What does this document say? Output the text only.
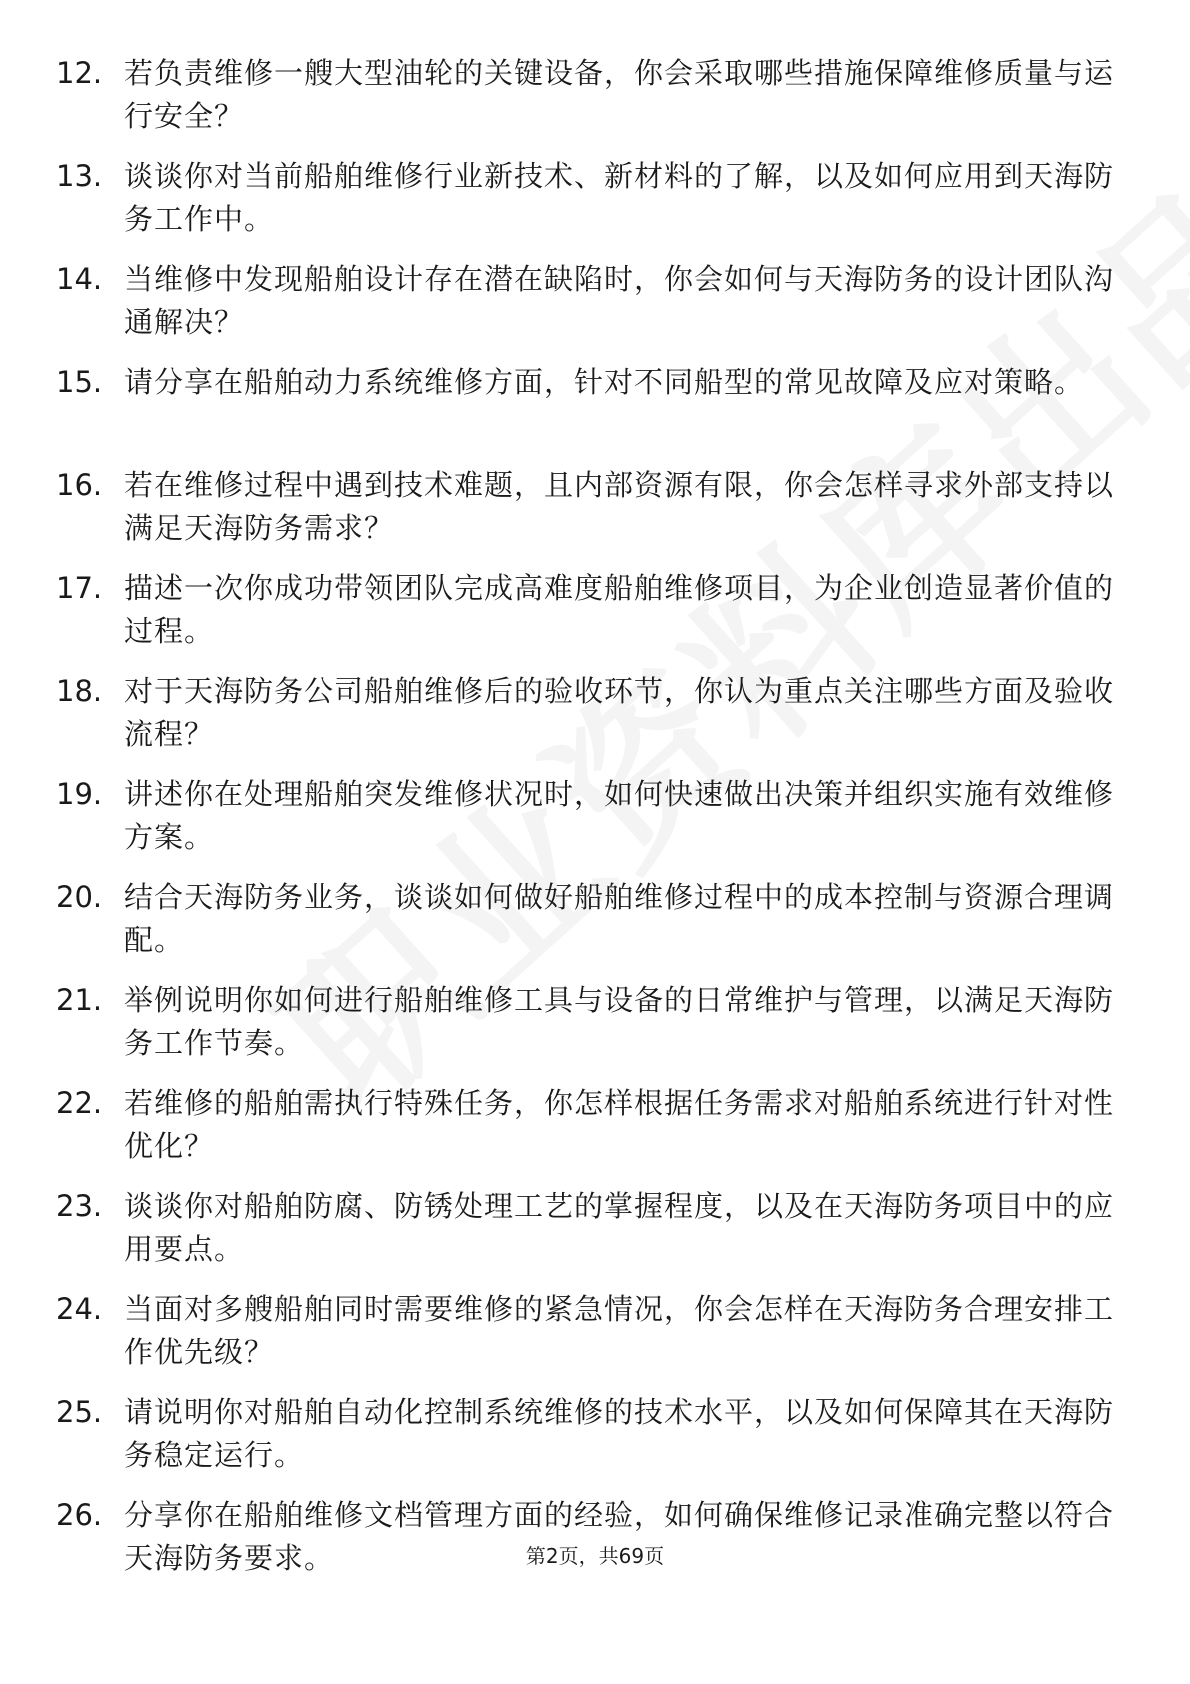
12. 若负责维修一艘大型油轮的关键设备，你会采取哪些措施保障维修质量与运行安全？
13. 谈谈你对当前船舶维修行业新技术、新材料的了解，以及如何应用到天海防务工作中。
14. 当维修中发现船舶设计存在潜在缺陷时，你会如何与天海防务的设计团队沟通解决？
15. 请分享在船舶动力系统维修方面，针对不同船型的常见故障及应对策略。
16. 若在维修过程中遇到技术难题，且内部资源有限，你会怎样寻求外部支持以满足天海防务需求？
17. 描述一次你成功带领团队完成高难度船舶维修项目，为企业创造显著价值的过程。
18. 对于天海防务公司船舶维修后的验收环节，你认为重点关注哪些方面及验收流程？
19. 讲述你在处理船舶突发维修状况时，如何快速做出决策并组织实施有效维修方案。
20. 结合天海防务业务，谈谈如何做好船舶维修过程中的成本控制与资源合理调配。
21. 举例说明你如何进行船舶维修工具与设备的日常维护与管理，以满足天海防务工作节奏。
22. 若维修的船舶需执行特殊任务，你怎样根据任务需求对船舶系统进行针对性优化？
23. 谈谈你对船舶防腐、防锈处理工艺的掌握程度，以及在天海防务项目中的应用要点。
24. 当面对多艘船舶同时需要维修的紧急情况，你会怎样在天海防务合理安排工作优先级？
25. 请说明你对船舶自动化控制系统维修的技术水平，以及如何保障其在天海防务稳定运行。
26. 分享你在船舶维修文档管理方面的经验，如何确保维修记录准确完整以符合天海防务要求。	第2页，共69页
